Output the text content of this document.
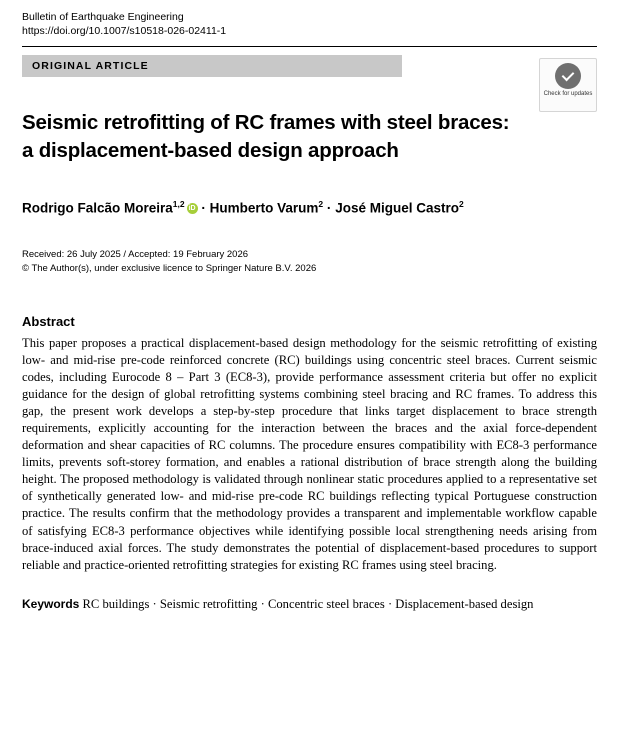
Bulletin of Earthquake Engineering
https://doi.org/10.1007/s10518-026-02411-1
ORIGINAL ARTICLE
Check for updates
Seismic retrofitting of RC frames with steel braces: a displacement-based design approach
Rodrigo Falcão Moreira$^{1,2}$ iD · Humberto Varum$^2$ · José Miguel Castro$^2$
Received: 26 July 2025 / Accepted: 19 February 2026
© The Author(s), under exclusive licence to Springer Nature B.V. 2026
Abstract

This paper proposes a practical displacement-based design methodology for the seismic retrofitting of existing low- and mid-rise pre-code reinforced concrete (RC) buildings using concentric steel braces. Current seismic codes, including Eurocode 8 – Part 3 (EC8-3), provide performance assessment criteria but offer no explicit guidance for the design of global retrofitting systems combining steel bracing and RC frames. To address this gap, the present work develops a step-by-step procedure that links target displacement to brace strength requirements, explicitly accounting for the interaction between the braces and the axial force-dependent deformation and shear capacities of RC columns. The procedure ensures compatibility with EC8-3 performance limits, prevents soft-storey formation, and enables a rational distribution of brace strength along the building height. The proposed methodology is validated through nonlinear static procedures applied to a representative set of synthetically generated low- and mid-rise pre-code RC buildings reflecting typical Portuguese construction practice. The results confirm that the methodology provides a transparent and implementable workflow capable of satisfying EC8-3 performance objectives while identifying possible local strengthening needs arising from brace-induced axial forces. The study demonstrates the potential of displacement-based procedures to support reliable and practice-oriented retrofitting strategies for existing RC frames using steel bracing.

Keywords RC buildings · Seismic retrofitting · Concentric steel braces · Displacement-based design
